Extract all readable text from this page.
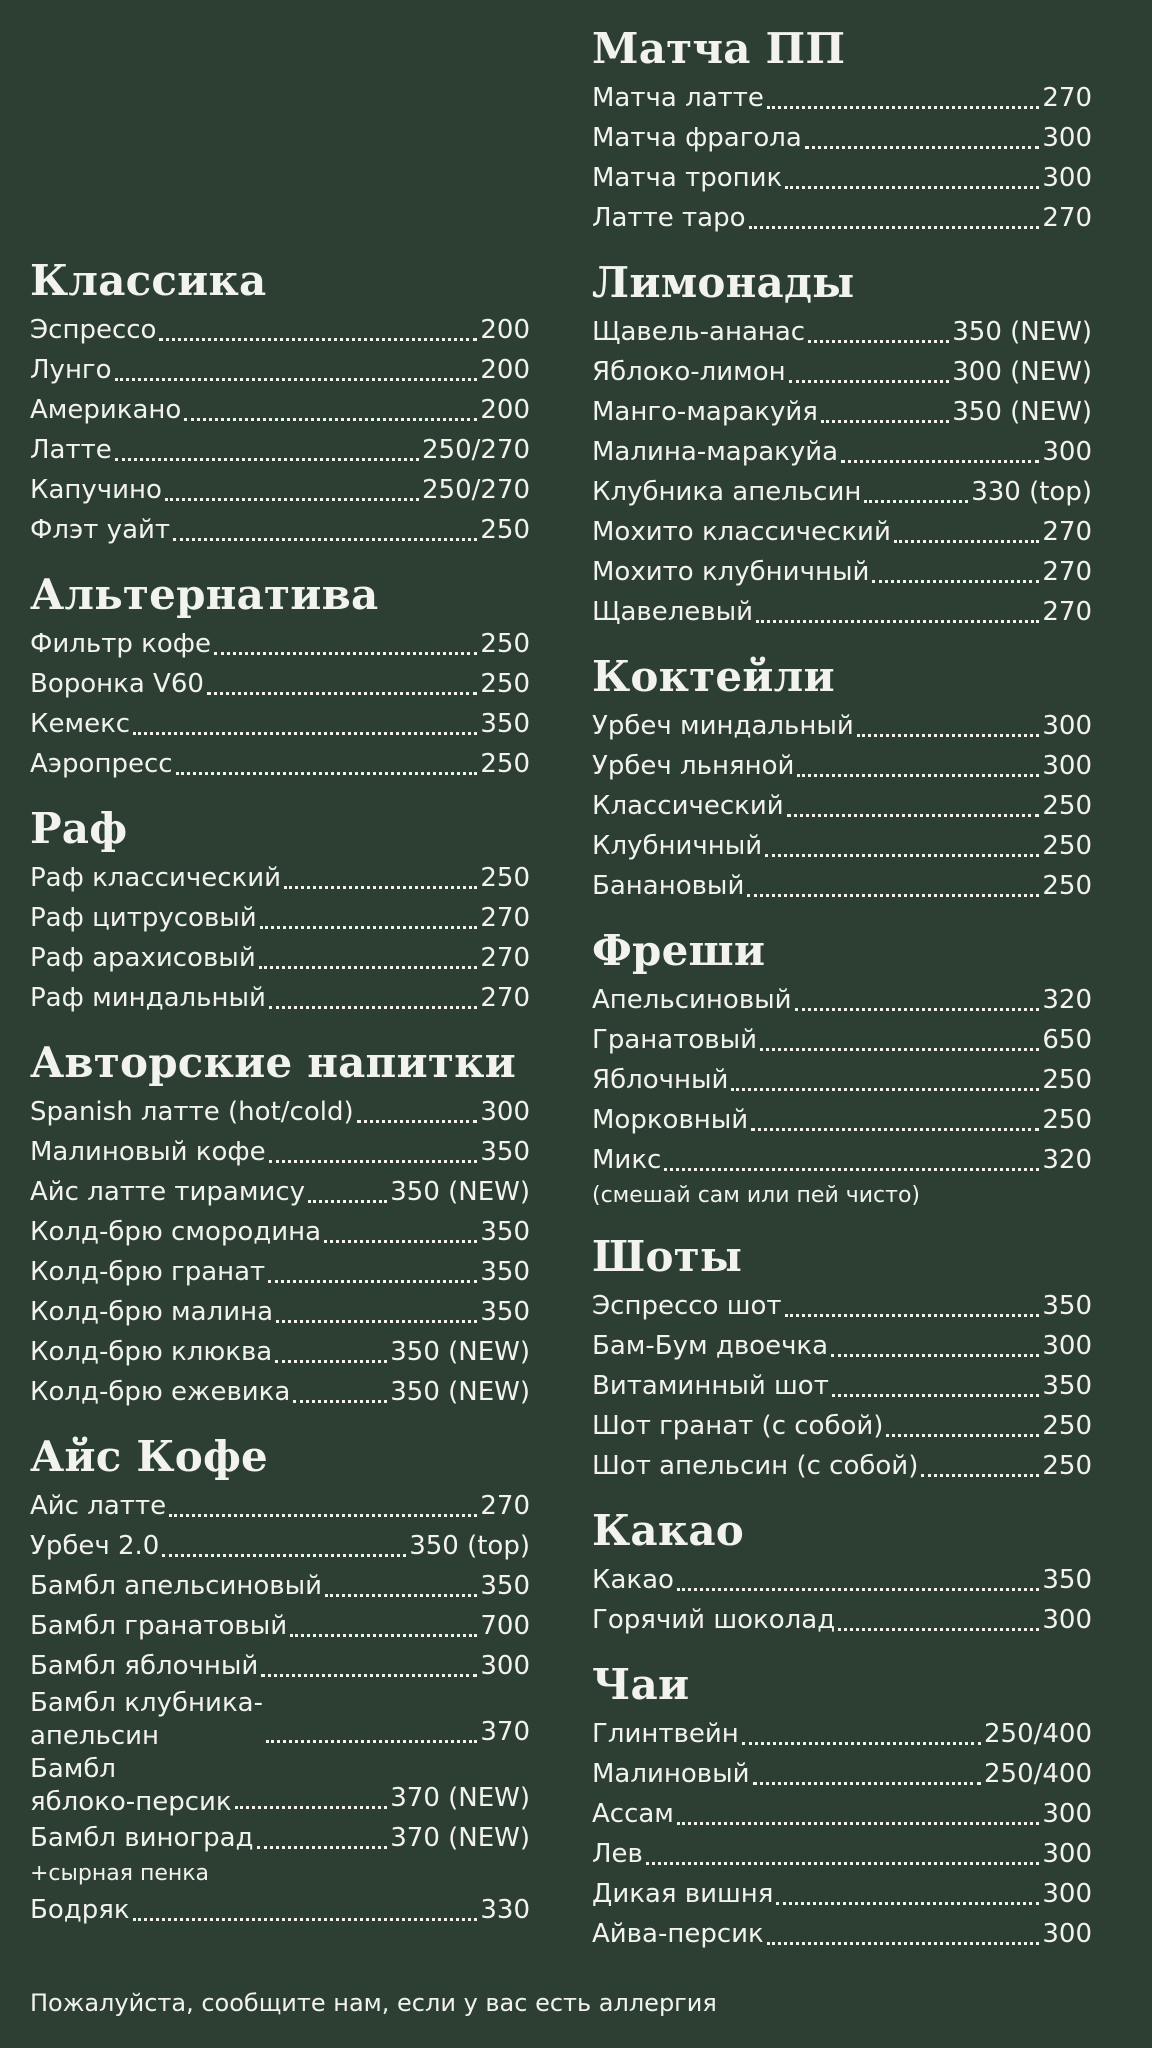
Классика
Эспрессо	200
Лунго	200
Американо	200
Латте	250/270
Капучино	250/270
Флэт уайт	250
Альтернатива
Фильтр кофе	250
Воронка V60	250
Кемекс	350
Аэропресс	250
Раф
Раф классический	250
Раф цитрусовый	270
Раф арахисовый	270
Раф миндальный	270
Авторские напитки
Spanish латте (hot/cold)	300
Малиновый кофе	350
Айс латте тирамису	350 (NEW)
Колд-брю смородина	350
Колд-брю гранат	350
Колд-брю малина	350
Колд-брю клюква	350 (NEW)
Колд-брю ежевика	350 (NEW)
Айс Кофе
Айс латте	270
Урбеч 2.0	350 (top)
Бамбл апельсиновый	350
Бамбл гранатовый	700
Бамбл яблочный	300
Бамбл клубника-
апельсин	370
Бамбл
яблоко-персик	370 (NEW)
Бамбл виноград	370 (NEW)
+сырная пенка
Бодряк	330
Матча ПП
Матча латте	270
Матча фрагола	300
Матча тропик	300
Латте таро	270
Лимонады
Щавель-ананас	350 (NEW)
Яблоко-лимон	300 (NEW)
Манго-маракуйя	350 (NEW)
Малина-маракуйа	300
Клубника апельсин	330 (top)
Мохито классический	270
Мохито клубничный	270
Щавелевый	270
Коктейли
Урбеч миндальный	300
Урбеч льняной	300
Классический	250
Клубничный	250
Банановый	250
Фреши
Апельсиновый	320
Гранатовый	650
Яблочный	250
Морковный	250
Микс	320
(смешай сам или пей чисто)
Шоты
Эспрессо шот	350
Бам-Бум двоечка	300
Витаминный шот	350
Шот гранат (с собой)	250
Шот апельсин (с собой)	250
Какао
Какао	350
Горячий шоколад	300
Чаи
Глинтвейн	250/400
Малиновый	250/400
Ассам	300
Лев	300
Дикая вишня	300
Айва-персик	300
Пожалуйста, сообщите нам, если у вас есть аллергия
